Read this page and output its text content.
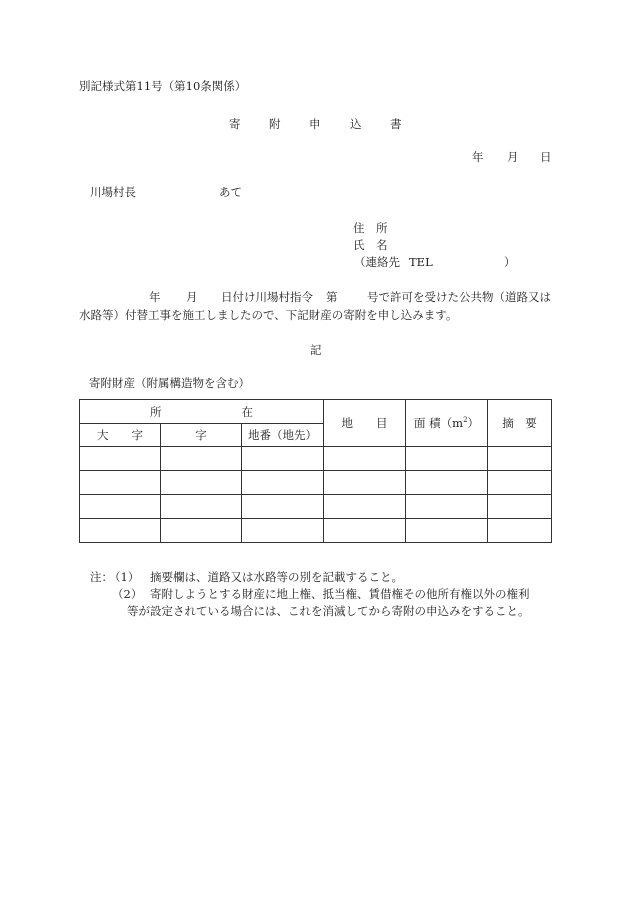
別記様式第11号（第10条関係）
寄 附 申	込 書
年 月 日
川場村長	あて
住　所
氏　名
（連絡先 TEL	）
年 月 日付け川場村指令 第	号で許可を受けた公共物（道路又は
水路等）付替工事を施工しましたので、下記財産の寄附を申し込みます。
記
寄附財産（附属構造物を含む）
所 在			地　　目	面 積$(m^2)$	摘　要
大　　字	字	地番（地先）			

注：
（1） 摘要欄は、道路又は水路等の別を記載すること。
（2） 寄附しようとする財産に地上権、抵当権、賃借権その他所有権以外の権利
等が設定されている場合には、これを消滅してから寄附の申込みをすること。
